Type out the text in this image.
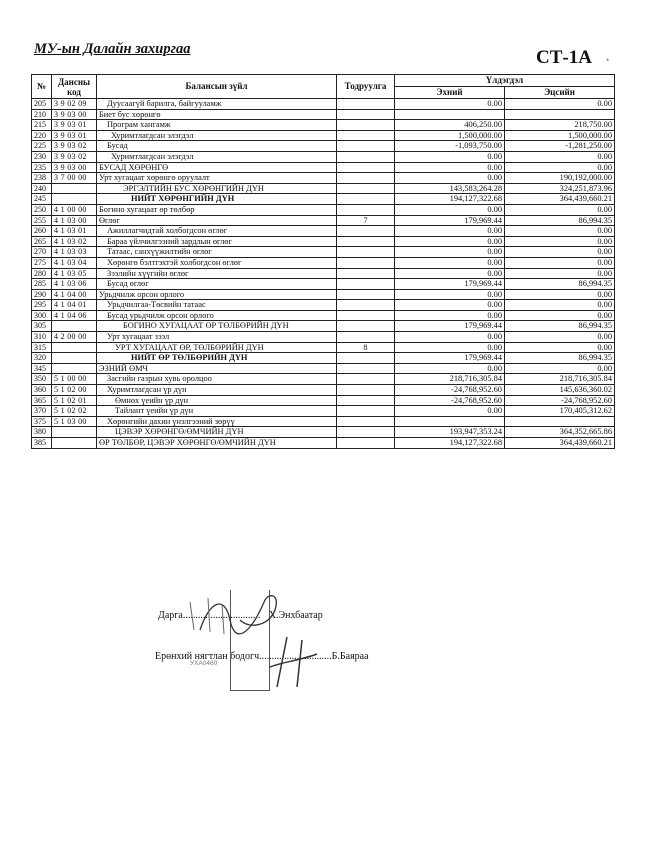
МУ-ын Далайн захиргаа	СТ-1А •
№	Дансны код	Балансын зүйл	Тодруулга	Үлдэгдэл	
				Эхний	Эцсийн
205	3 9 02 09	Дуусаагүй барилга, байгууламж		0.00	0.00
210	3 9 03 00	Биет бус хөрөнгө			
215	3 9 03 01	Програм хангамж		406,250.00	218,750.00
220	3 9 03 01	Хуримтлагдсан элэгдэл		1,500,000.00	1,500,000.00
225	3 9 03 02	Бусад		-1,093,750.00	-1,281,250.00
230	3 9 03 02	Хуримтлагдсан элэгдэл		0.00	0.00
235	3 9 03 00	БУСАД ХӨРӨНГӨ		0.00	0.00
238	3 7 00 00	Урт хугацаат хөрөнгө оруулалт		0.00	190,192,000.00
240		ЭРГЭЛТИЙН БУС ХӨРӨНГИЙН ДҮН		143,583,264.28	324,251,873.96
245		НИЙТ ХӨРӨНГИЙН ДҮН		194,127,322.68	364,439,660.21
250	4 1 00 00	Богино хугацаат өр төлбөр		0.00	0.00
255	4 1 03 00	Өглөг	7	179,969.44	86,994.35
260	4 1 03 01	Ажиллагчидтай холбогдсон өглөг		0.00	0.00
265	4 1 03 02	Бараа үйлчилгээний зардлын өглөг		0.00	0.00
270	4 1 03 03	Татаас, санхүүжилтийн өглөг		0.00	0.00
275	4 1 03 04	Хөрөнгө бэлтгэхтэй холбогдсон өглөг		0.00	0.00
280	4 1 03 05	Зээлийн хүүгийн өглөг		0.00	0.00
285	4 1 03 06	Бусад өглөг		179,969.44	86,994.35
290	4 1 04 00	Урьдчилж орсон орлого		0.00	0.00
295	4 1 04 01	Урьдчилгаа-Төсвийн татаас		0.00	0.00
300	4 1 04 06	Бусад урьдчилж орсон орлого		0.00	0.00
305		БОГИНО ХУГАЦААТ ӨР ТӨЛБӨРИЙН ДҮН		179,969.44	86,994.35
310	4 2 00 00	Урт хугацаат зээл		0.00	0.00
315		УРТ ХУГАЦААТ ӨР, ТӨЛБӨРИЙН ДҮН	8	0.00	0.00
320		НИЙТ ӨР ТӨЛБӨРИЙН ДҮН		179,969.44	86,994.35
345		ЭЗНИЙ ӨМЧ		0.00	0.00
350	5 1 00 00	Засгийн газрын хувь оролцоо		218,716,305.84	218,716,305.84
360	5 1 02 00	Хуримтлагдсан үр дүн		-24,768,952.60	145,636,360.02
365	5 1 02 01	Өмнөх үеийн үр дүн		-24,768,952.60	-24,768,952.60
370	5 1 02 02	Тайлант үеийн үр дүн		0.00	170,405,312.62
375	5 1 03 00	Хөрөнгийн дахин үнэлгээний зөрүү			
380		ЦЭВЭР ХӨРӨНГӨ/ӨМЧИЙН ДҮН		193,947,353.24	364,352,665.86
385		ӨР ТӨЛБӨР, ЦЭВЭР ХӨРӨНГӨ/ӨМЧИЙН ДҮН		194,127,322.68	364,439,660.21
Дарга............................... Х.Энхбаатар
Ерөнхий нягтлан бодогч.............................Б.Баяраа
УХА0460
